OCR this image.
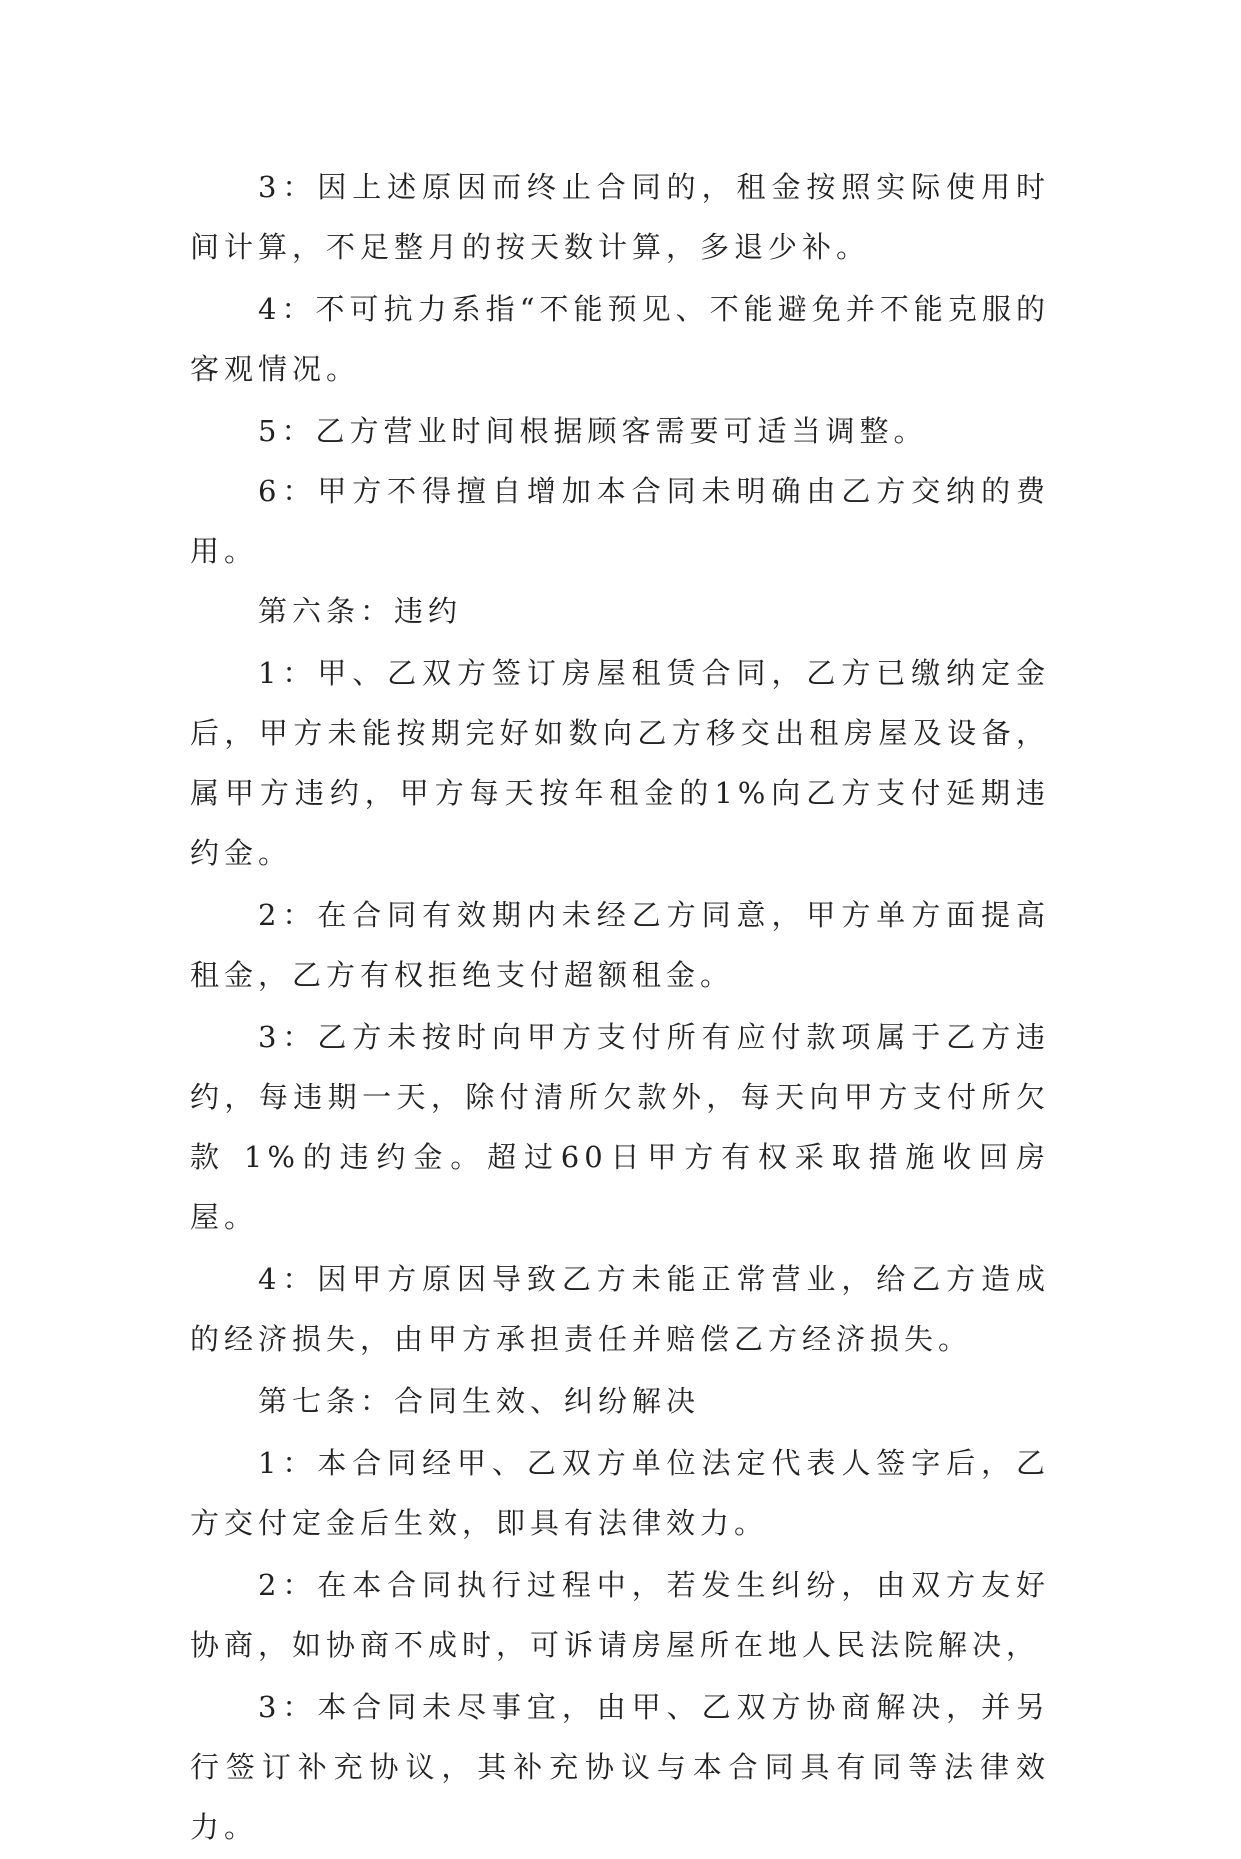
3：因上述原因而终止合同的，租金按照实际使用时间计算，不足整月的按天数计算，多退少补。

4：不可抗力系指“不能预见、不能避免并不能克服的客观情况。

5：乙方营业时间根据顾客需要可适当调整。

6：甲方不得擅自增加本合同未明确由乙方交纳的费用。

第六条：违约

1：甲、乙双方签订房屋租赁合同，乙方已缴纳定金后，甲方未能按期完好如数向乙方移交出租房屋及设备，属甲方违约，甲方每天按年租金的1%向乙方支付延期违约金。

2：在合同有效期内未经乙方同意，甲方单方面提高租金，乙方有权拒绝支付超额租金。

3：乙方未按时向甲方支付所有应付款项属于乙方违约，每违期一天，除付清所欠款外，每天向甲方支付所欠款 1%的违约金。超过60日甲方有权采取措施收回房屋。

4：因甲方原因导致乙方未能正常营业，给乙方造成的经济损失，由甲方承担责任并赔偿乙方经济损失。

第七条：合同生效、纠纷解决

1：本合同经甲、乙双方单位法定代表人签字后，乙方交付定金后生效，即具有法律效力。

2：在本合同执行过程中，若发生纠纷，由双方友好协商，如协商不成时，可诉请房屋所在地人民法院解决，

3：本合同未尽事宜，由甲、乙双方协商解决，并另行签订补充协议，其补充协议与本合同具有同等法律效力。
